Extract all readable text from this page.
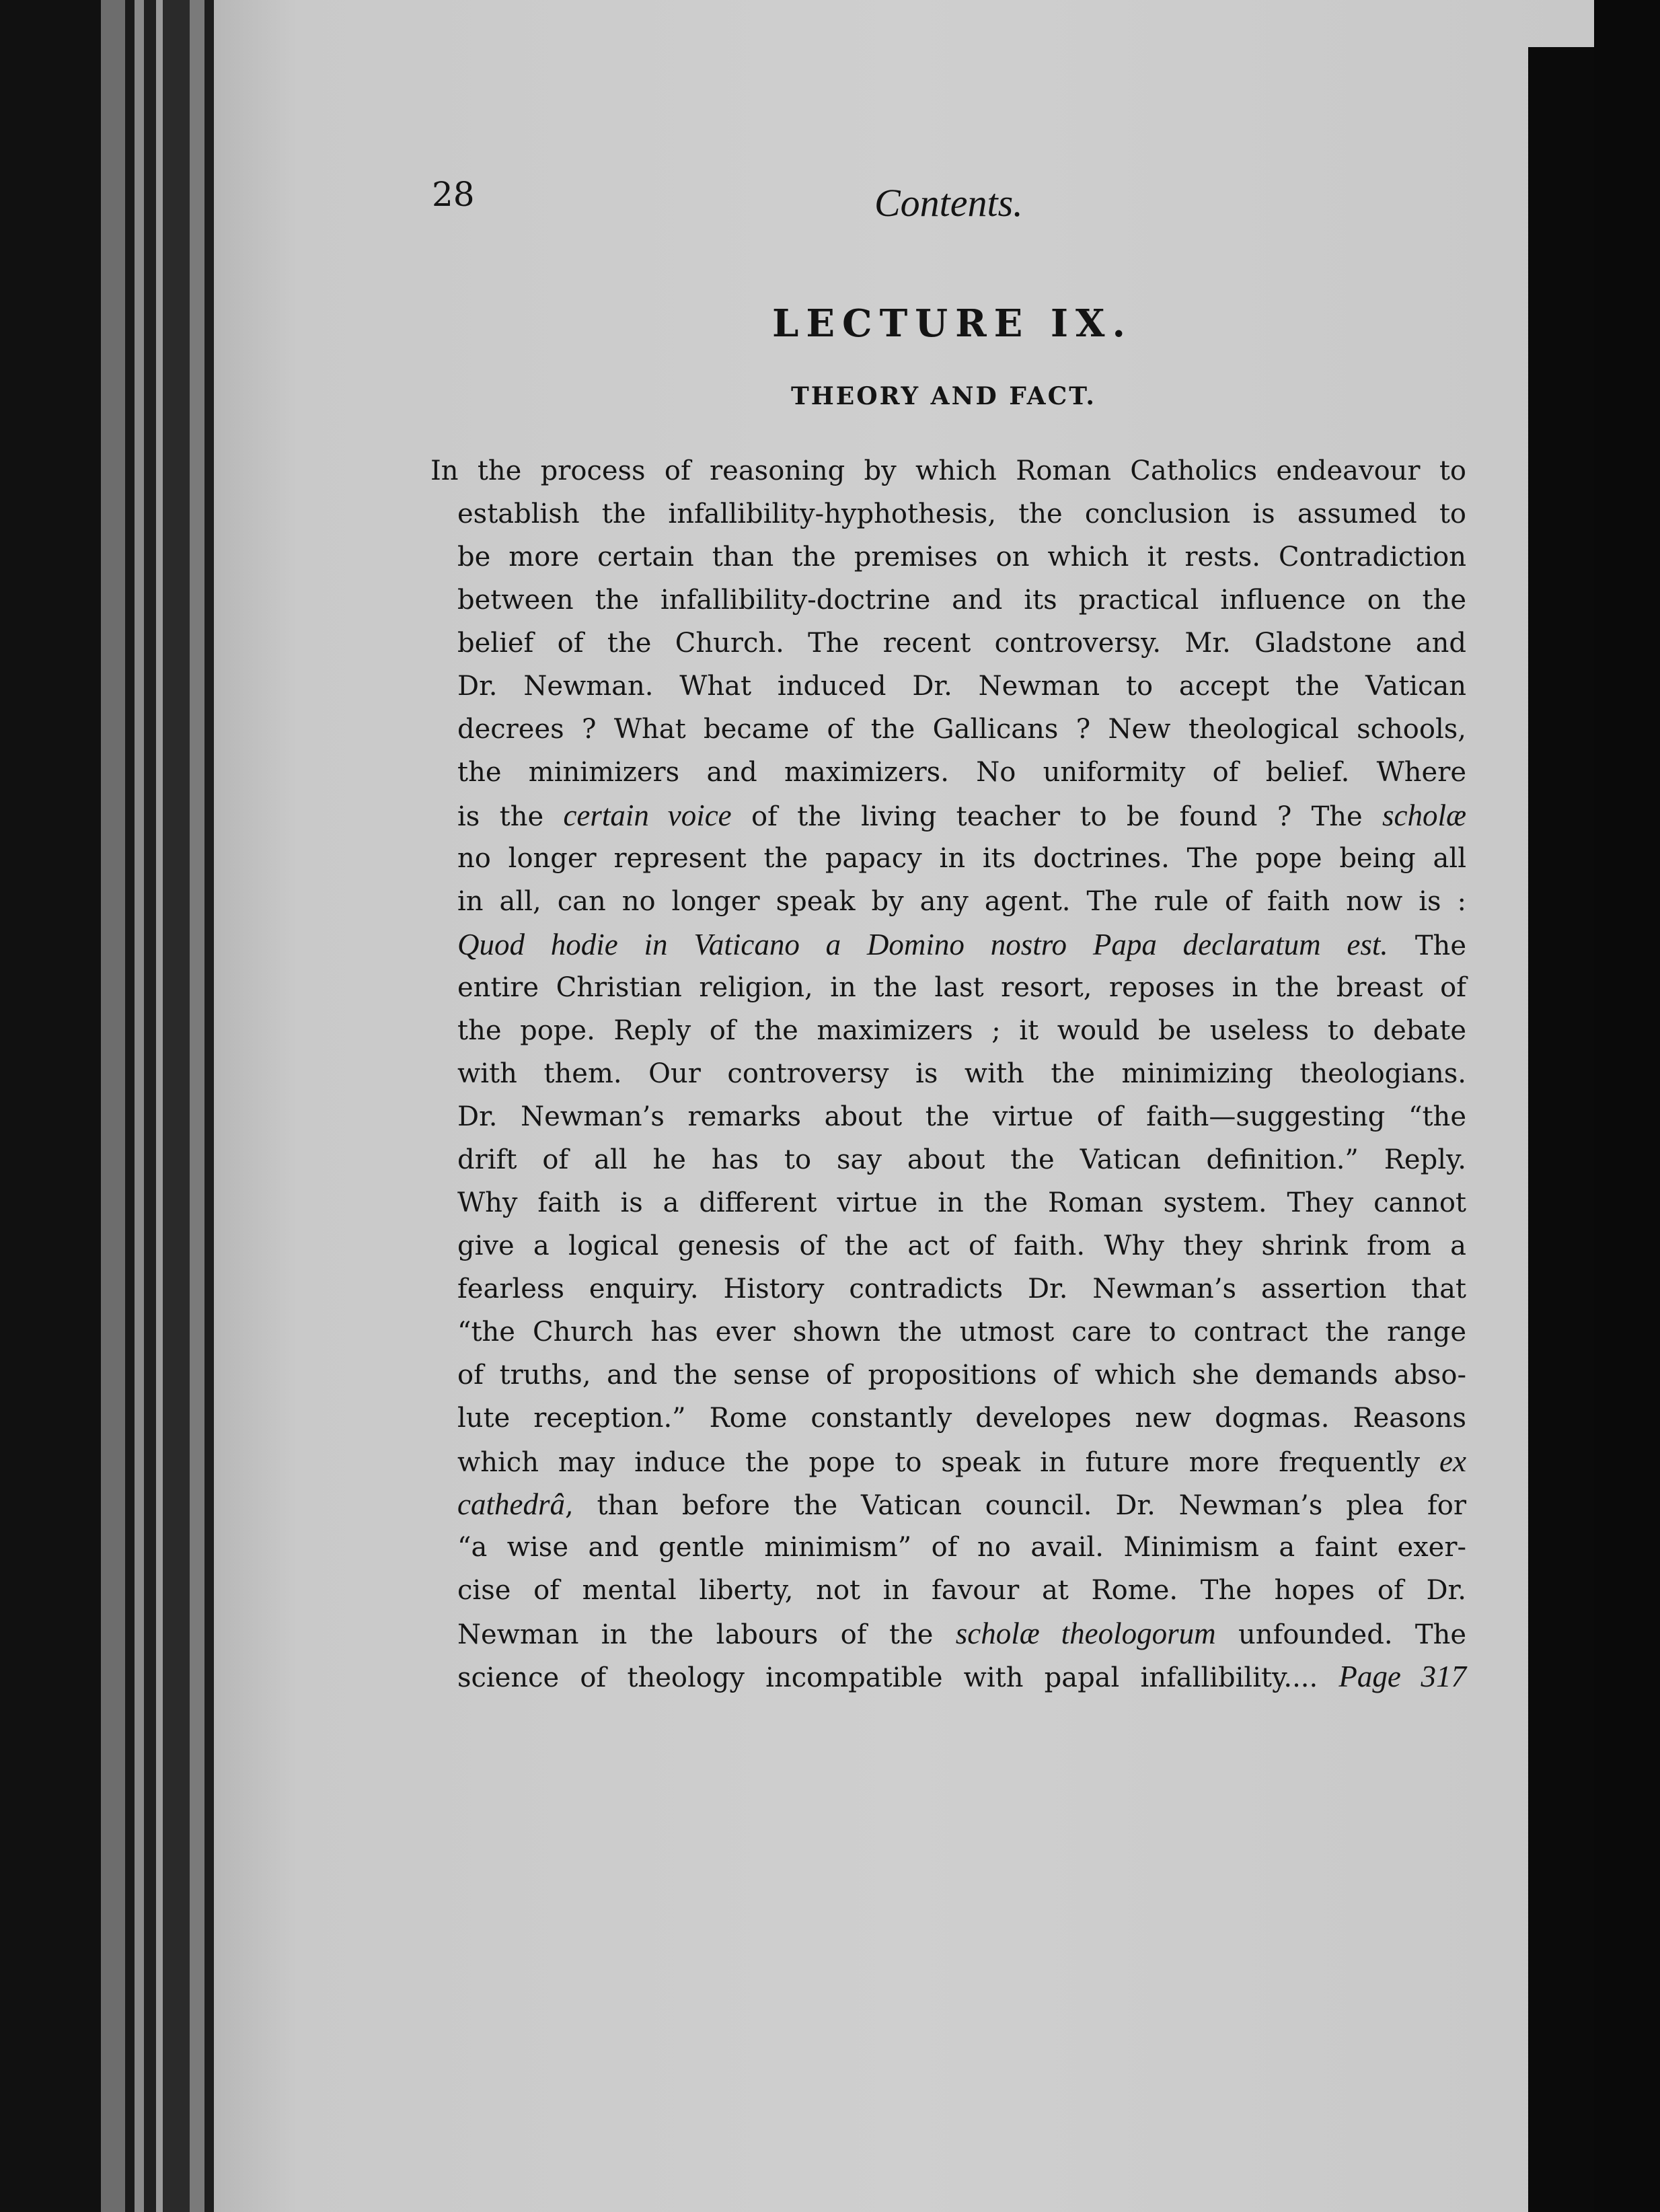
28	Contents.
LECTURE IX.
THEORY AND FACT.
In the process of reasoning by which Roman Catholics endeavour to
establish the infallibility-hyphothesis, the conclusion is assumed to
be more certain than the premises on which it rests. Contradiction
between the infallibility-doctrine and its practical influence on the
belief of the Church. The recent controversy. Mr. Gladstone and
Dr. Newman. What induced Dr. Newman to accept the Vatican
decrees ? What became of the Gallicans ? New theological schools,
the minimizers and maximizers. No uniformity of belief. Where
is the certain voice of the living teacher to be found ? The scholæ
no longer represent the papacy in its doctrines. The pope being all
in all, can no longer speak by any agent. The rule of faith now is :
Quod hodie in Vaticano a Domino nostro Papa declaratum est. The
entire Christian religion, in the last resort, reposes in the breast of
the pope. Reply of the maximizers ; it would be useless to debate
with them. Our controversy is with the minimizing theologians.
Dr. Newman’s remarks about the virtue of faith—suggesting “the
drift of all he has to say about the Vatican definition.” Reply.
Why faith is a different virtue in the Roman system. They cannot
give a logical genesis of the act of faith. Why they shrink from a
fearless enquiry. History contradicts Dr. Newman’s assertion that
“the Church has ever shown the utmost care to contract the range
of truths, and the sense of propositions of which she demands abso-
lute reception.” Rome constantly developes new dogmas. Reasons
which may induce the pope to speak in future more frequently ex
cathedrâ, than before the Vatican council. Dr. Newman’s plea for
“a wise and gentle minimism” of no avail. Minimism a faint exer-
cise of mental liberty, not in favour at Rome. The hopes of Dr.
Newman in the labours of the scholæ theologorum unfounded. The
science of theology incompatible with papal infallibility.... Page 317
